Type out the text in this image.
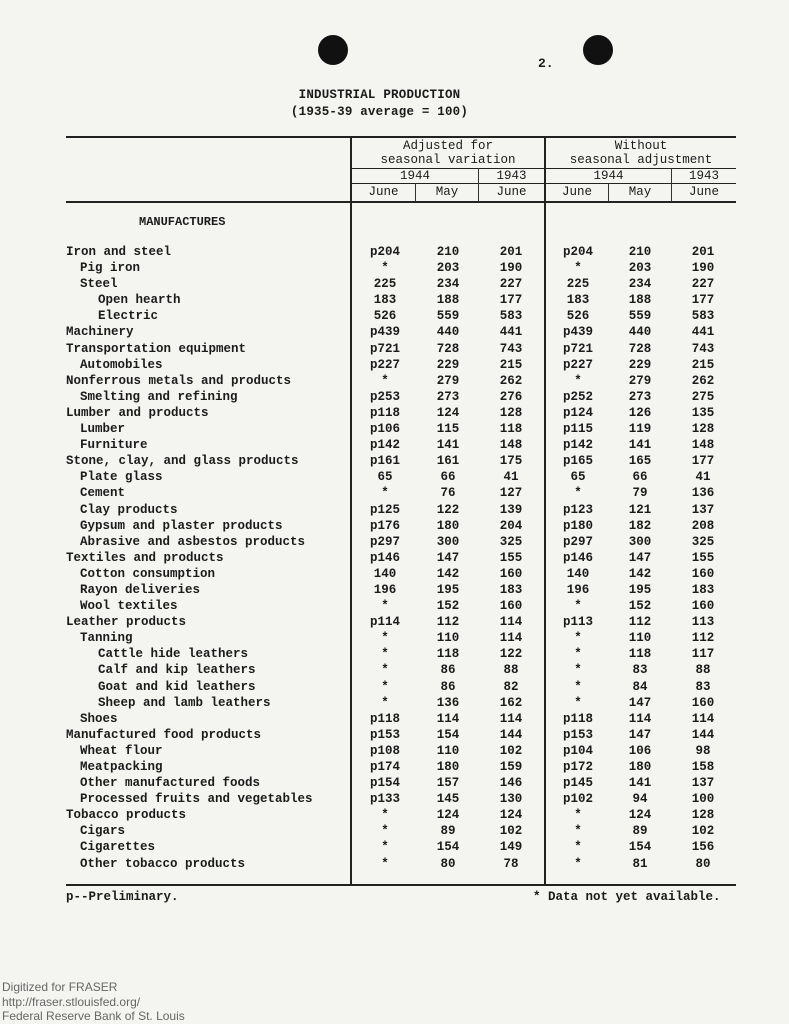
2.
INDUSTRIAL PRODUCTION
(1935-39 average = 100)
Adjusted for
seasonal variation
Without
seasonal adjustment
1944	1943	1944	1943
June	May	June	June	May	June
MANUFACTURES
Iron and steel	p204	210	201	p204	210	201
Pig iron	*	203	190	*	203	190
Steel	225	234	227	225	234	227
Open hearth	183	188	177	183	188	177
Electric	526	559	583	526	559	583
Machinery	p439	440	441	p439	440	441
Transportation equipment	p721	728	743	p721	728	743
Automobiles	p227	229	215	p227	229	215
Nonferrous metals and products	*	279	262	*	279	262
Smelting and refining	p253	273	276	p252	273	275
Lumber and products	p118	124	128	p124	126	135
Lumber	p106	115	118	p115	119	128
Furniture	p142	141	148	p142	141	148
Stone, clay, and glass products	p161	161	175	p165	165	177
Plate glass	65	66	41	65	66	41
Cement	*	76	127	*	79	136
Clay products	p125	122	139	p123	121	137
Gypsum and plaster products	p176	180	204	p180	182	208
Abrasive and asbestos products	p297	300	325	p297	300	325
Textiles and products	p146	147	155	p146	147	155
Cotton consumption	140	142	160	140	142	160
Rayon deliveries	196	195	183	196	195	183
Wool textiles	*	152	160	*	152	160
Leather products	p114	112	114	p113	112	113
Tanning	*	110	114	*	110	112
Cattle hide leathers	*	118	122	*	118	117
Calf and kip leathers	*	86	88	*	83	88
Goat and kid leathers	*	86	82	*	84	83
Sheep and lamb leathers	*	136	162	*	147	160
Shoes	p118	114	114	p118	114	114
Manufactured food products	p153	154	144	p153	147	144
Wheat flour	p108	110	102	p104	106	98
Meatpacking	p174	180	159	p172	180	158
Other manufactured foods	p154	157	146	p145	141	137
Processed fruits and vegetables	p133	145	130	p102	94	100
Tobacco products	*	124	124	*	124	128
Cigars	*	89	102	*	89	102
Cigarettes	*	154	149	*	154	156
Other tobacco products	*	80	78	*	81	80
p--Preliminary.	* Data not yet available.
Digitized for FRASER
http://fraser.stlouisfed.org/
Federal Reserve Bank of St. Louis
